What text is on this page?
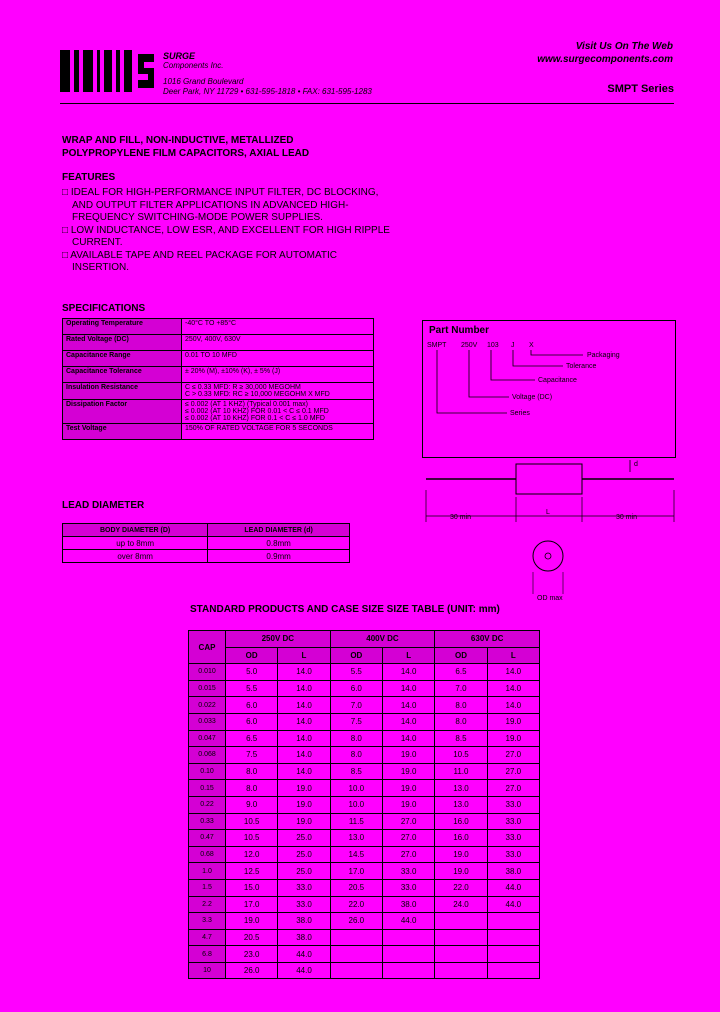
SURGE
Components Inc.
1016 Grand Boulevard
Deer Park, NY 11729 • 631-595-1818 • FAX: 631-595-1283
Visit Us On The Web
www.surgecomponents.com
SMPT Series
WRAP AND FILL, NON-INDUCTIVE, METALLIZED
POLYPROPYLENE FILM CAPACITORS, AXIAL LEAD
FEATURES
□ IDEAL FOR HIGH-PERFORMANCE INPUT FILTER, DC BLOCKING, AND OUTPUT FILTER APPLICATIONS IN ADVANCED HIGH-FREQUENCY SWITCHING-MODE POWER SUPPLIES.
□ LOW INDUCTANCE, LOW ESR, AND EXCELLENT FOR HIGH RIPPLE CURRENT.
□ AVAILABLE TAPE AND REEL PACKAGE FOR AUTOMATIC INSERTION.
SPECIFICATIONS
Operating Temperature	-40°C TO +85°C
Rated Voltage (DC)	250V, 400V, 630V
Capacitance Range	0.01 TO 10 MFD
Capacitance Tolerance	± 20% (M), ±10% (K), ± 5% (J)
Insulation Resistance	C ≤ 0.33 MFD: R ≥ 30,000 MEGOHM
C > 0.33 MFD: RC ≥ 10,000 MEGOHM X MFD
Dissipation Factor	≤ 0.002 (AT 1 KHZ) (Typical 0.001 max)
≤ 0.002 (AT 10 KHZ) FOR 0.01 < C ≤ 0.1 MFD
≤ 0.002 (AT 10 KHZ) FOR 0.1 < C ≤ 1.0 MFD
Test Voltage	150% OF RATED VOLTAGE FOR 5 SECONDS
LEAD DIAMETER
BODY DIAMETER (D)	LEAD DIAMETER (d)
up to 8mm	0.8mm
over 8mm	0.9mm
Part Number
SMPT 250V 103 J X
Packaging
Tolerance
Capacitance
Voltage (DC)
Series
d
30 min
L
30 min
OD max
STANDARD PRODUCTS AND CASE SIZE SIZE TABLE (UNIT: mm)
CAP	250V DC		400V DC		630V DC	
	OD	L	OD	L	OD	L
0.010	5.0	14.0	5.5	14.0	6.5	14.0
0.015	5.5	14.0	6.0	14.0	7.0	14.0
0.022	6.0	14.0	7.0	14.0	8.0	14.0
0.033	6.0	14.0	7.5	14.0	8.0	19.0
0.047	6.5	14.0	8.0	14.0	8.5	19.0
0.068	7.5	14.0	8.0	19.0	10.5	27.0
0.10	8.0	14.0	8.5	19.0	11.0	27.0
0.15	8.0	19.0	10.0	19.0	13.0	27.0
0.22	9.0	19.0	10.0	19.0	13.0	33.0
0.33	10.5	19.0	11.5	27.0	16.0	33.0
0.47	10.5	25.0	13.0	27.0	16.0	33.0
0.68	12.0	25.0	14.5	27.0	19.0	33.0
1.0	12.5	25.0	17.0	33.0	19.0	38.0
1.5	15.0	33.0	20.5	33.0	22.0	44.0
2.2	17.0	33.0	22.0	38.0	24.0	44.0
3.3	19.0	38.0	26.0	44.0		
4.7	20.5	38.0				
6.8	23.0	44.0				
10	26.0	44.0				
